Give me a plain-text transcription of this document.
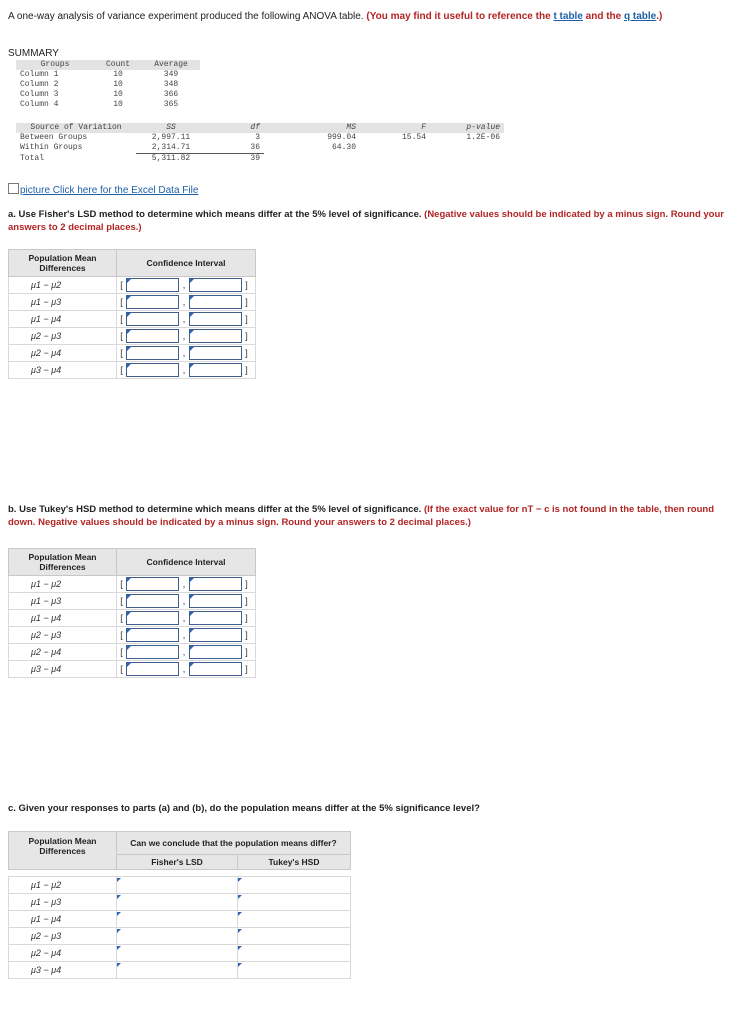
A one-way analysis of variance experiment produced the following ANOVA table. (You may find it useful to reference the t table and the q table.)
SUMMARY
Groups	Count	Average
Column 1	10	349
Column 2	10	348
Column 3	10	366
Column 4	10	365
Source of Variation	SS	df	MS	F	p-value
Between Groups	2,997.11	3	999.04	15.54	1.2E-06
Within Groups	2,314.71	36	64.30		
Total	5,311.82	39			
picture Click here for the Excel Data File
a. Use Fisher's LSD method to determine which means differ at the 5% level of significance. (Negative values should be indicated by a minus sign. Round your answers to 2 decimal places.)
Population Mean Differences	Confidence Interval
μ1 − μ2	[ , ]

μ1 − μ3	[ , ]

μ1 − μ4	[ , ]

μ2 − μ3	[ , ]

μ2 − μ4	[ , ]

μ3 − μ4	[ , ]
b. Use Tukey's HSD method to determine which means differ at the 5% level of significance. (If the exact value for nT − c is not found in the table, then round down. Negative values should be indicated by a minus sign. Round your answers to 2 decimal places.)
Population Mean Differences	Confidence Interval
μ1 − μ2	[ , ]

μ1 − μ3	[ , ]

μ1 − μ4	[ , ]

μ2 − μ3	[ , ]

μ2 − μ4	[ , ]

μ3 − μ4	[ , ]
c. Given your responses to parts (a) and (b), do the population means differ at the 5% significance level?
Population Mean Differences	Can we conclude that the population means differ?	
	Fisher's LSD	Tukey's HSD

μ1 − μ2	

μ1 − μ3	

μ1 − μ4	

μ2 − μ3	

μ2 − μ4	

μ3 − μ4	
